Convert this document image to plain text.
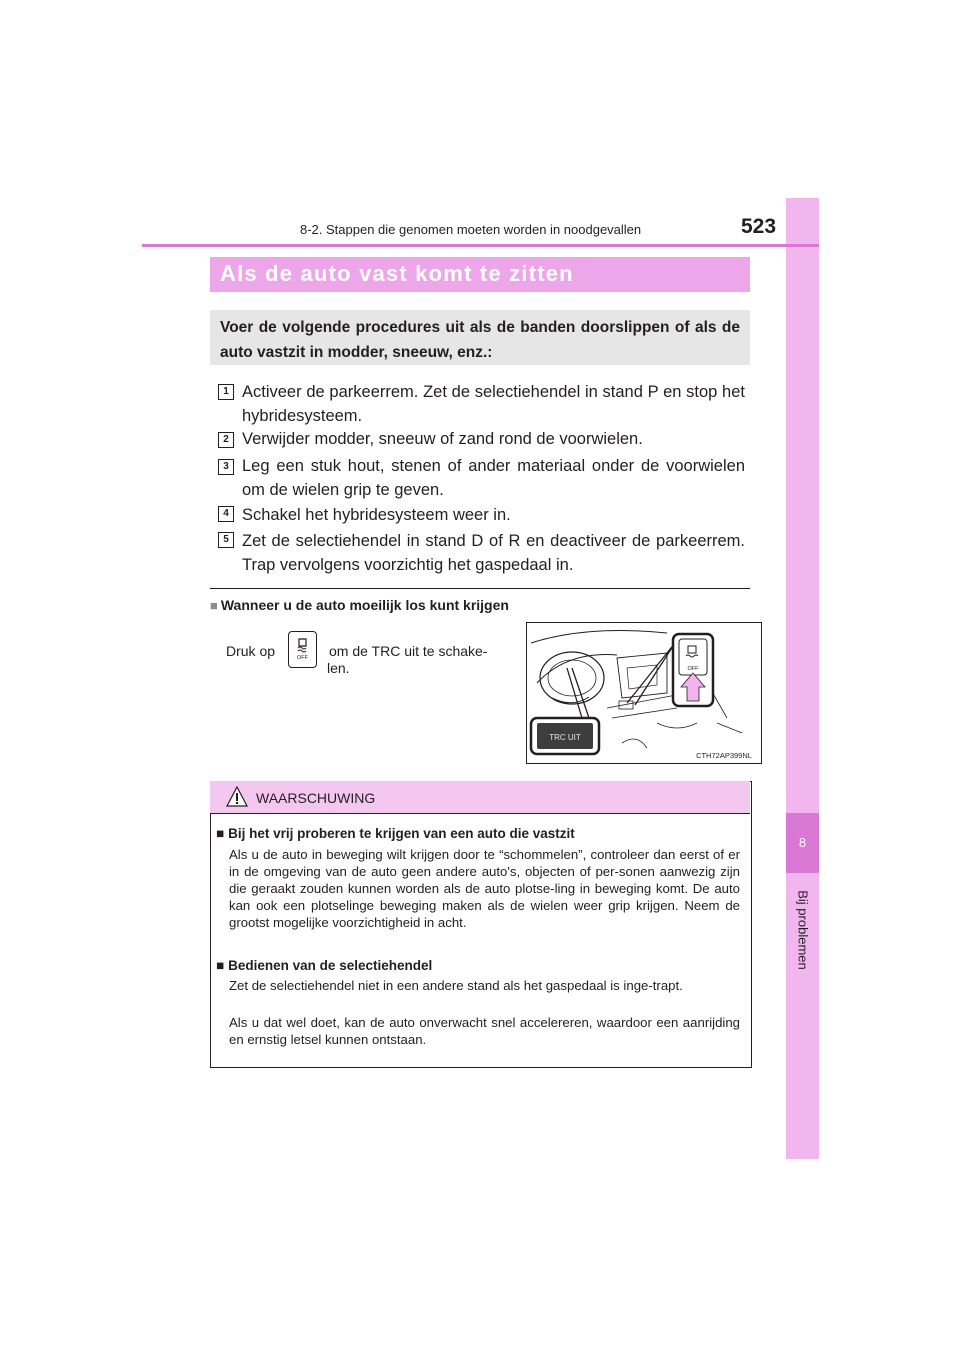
8
Bij problemen
8-2. Stappen die genomen moeten worden in noodgevallen	523
Als de auto vast komt te zitten
Voer de volgende procedures uit als de banden doorslippen of als de auto vastzit in modder, sneeuw, enz.:
1 Activeer de parkeerrem. Zet de selectiehendel in stand P en stop het hybridesysteem.
2 Verwijder modder, sneeuw of zand rond de voorwielen.
3 Leg een stuk hout, stenen of ander materiaal onder de voorwielen om de wielen grip te geven.
4 Schakel het hybridesysteem weer in.
5 Zet de selectiehendel in stand D of R en deactiveer de parkeerrem. Trap vervolgens voorzichtig het gaspedaal in.
■ Wanneer u de auto moeilijk los kunt krijgen
Druk op	OFF om de TRC uit te schake-len.	OFF
TRC UIT
CTH72AP399NL
WAARSCHUWING
■ Bij het vrij proberen te krijgen van een auto die vastzit
Als u de auto in beweging wilt krijgen door te “schommelen”, controleer dan eerst of er in de omgeving van de auto geen andere auto's, objecten of per-sonen aanwezig zijn die geraakt zouden kunnen worden als de auto plotse-ling in beweging komt. De auto kan ook een plotselinge beweging maken als de wielen weer grip krijgen. Neem de grootst mogelijke voorzichtigheid in acht.
■ Bedienen van de selectiehendel
Zet de selectiehendel niet in een andere stand als het gaspedaal is inge-trapt.
Als u dat wel doet, kan de auto onverwacht snel accelereren, waardoor een aanrijding en ernstig letsel kunnen ontstaan.
